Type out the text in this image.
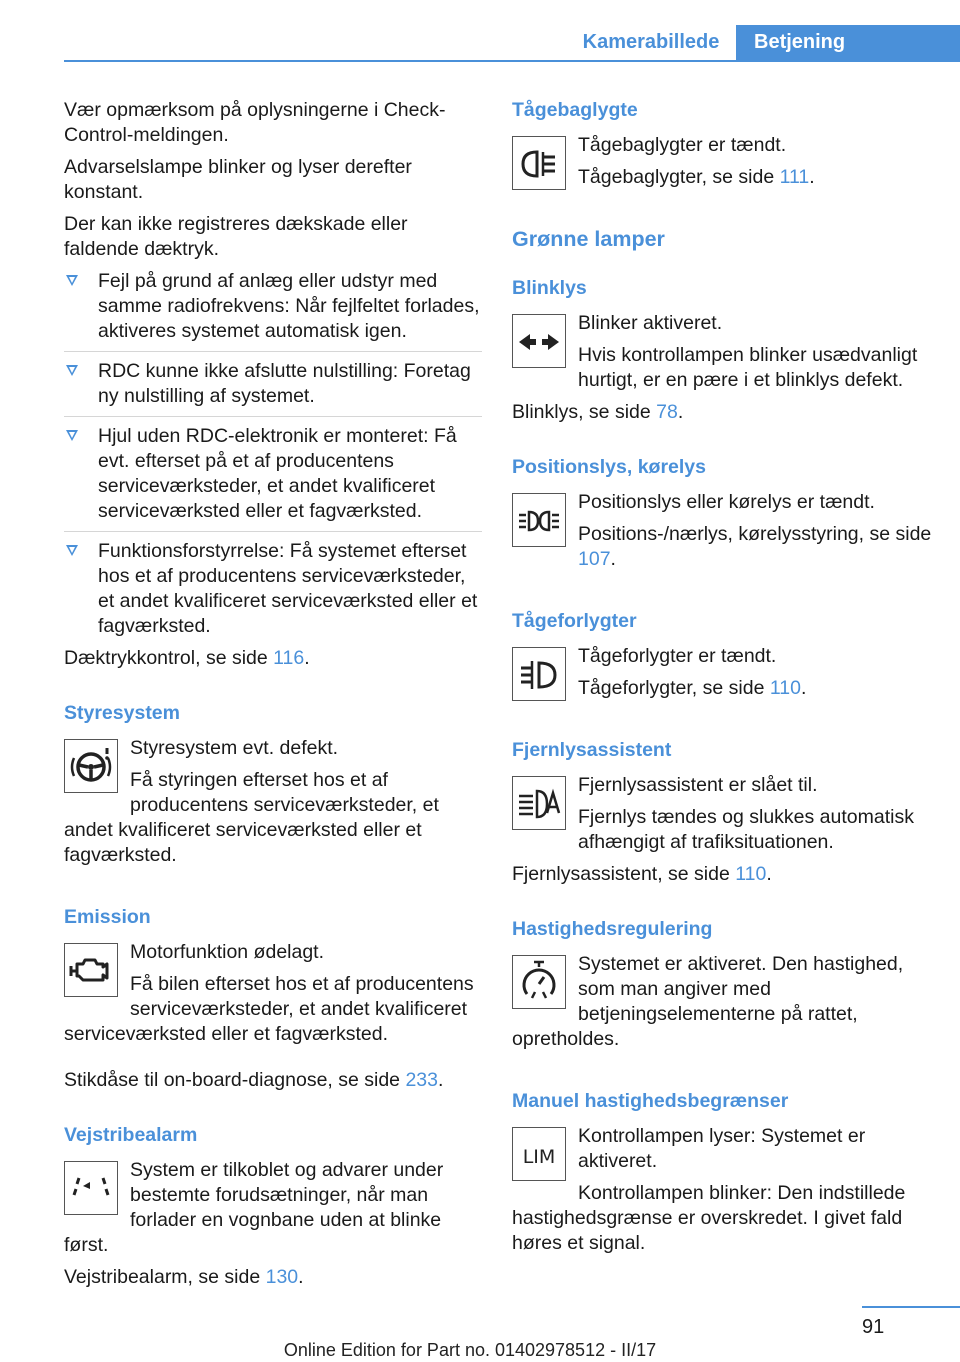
Kamerabillede	Betjening

Vær opmærksom på oplysningerne i Check-Control-meldingen.

Advarselslampe blinker og lyser derefter konstant.

Der kan ikke registreres dækskade eller faldende dæktryk.

Fejl på grund af anlæg eller udstyr med samme radiofrekvens: Når fejlfeltet forlades, aktiveres systemet automatisk igen.
RDC kunne ikke afslutte nulstilling: Foretag ny nulstilling af systemet.
Hjul uden RDC-elektronik er monteret: Få evt. efterset på et af producentens serviceværksteder, et andet kvalificeret serviceværksted eller et fagværksted.
Funktionsforstyrrelse: Få systemet efterset hos et af producentens serviceværksteder, et andet kvalificeret serviceværksted eller et fagværksted.

Dæktrykkontrol, se side 116.

Styresystem

Styresystem evt. defekt.

Få styringen efterset hos et af producentens serviceværksteder, et andet kvalificeret serviceværksted eller et fagværksted.

Emission

Motorfunktion ødelagt.

Få bilen efterset hos et af producentens serviceværksteder, et andet kvalificeret serviceværksted eller et fagværksted.

Stikdåse til on-board-diagnose, se side 233.

Vejstribealarm

System er tilkoblet og advarer under bestemte forudsætninger, når man forlader en vognbane uden at blinke først.

Vejstribealarm, se side 130.

Tågebaglygte

Tågebaglygter er tændt.

Tågebaglygter, se side 111.

Grønne lamper
Blinklys

Blinker aktiveret.

Hvis kontrollampen blinker usædvanligt hurtigt, er en pære i et blinklys defekt.

Blinklys, se side 78.

Positionslys, kørelys

Positionslys eller kørelys er tændt.

Positions-/nærlys, kørelysstyring, se side 107.

Tågeforlygter

Tågeforlygter er tændt.

Tågeforlygter, se side 110.

Fjernlysassistent

Fjernlysassistent er slået til.

Fjernlys tændes og slukkes automatisk afhængigt af trafiksituationen.

Fjernlysassistent, se side 110.

Hastighedsregulering

Systemet er aktiveret. Den hastighed, som man angiver med betjeningselementerne på rattet, opretholdes.

Manuel hastighedsbegrænser
LIM

Kontrollampen lyser: Systemet er aktiveret.

Kontrollampen blinker: Den indstillede hastighedsgrænse er overskredet. I givet fald høres et signal.

91
Online Edition for Part no. 01402978512 - II/17
